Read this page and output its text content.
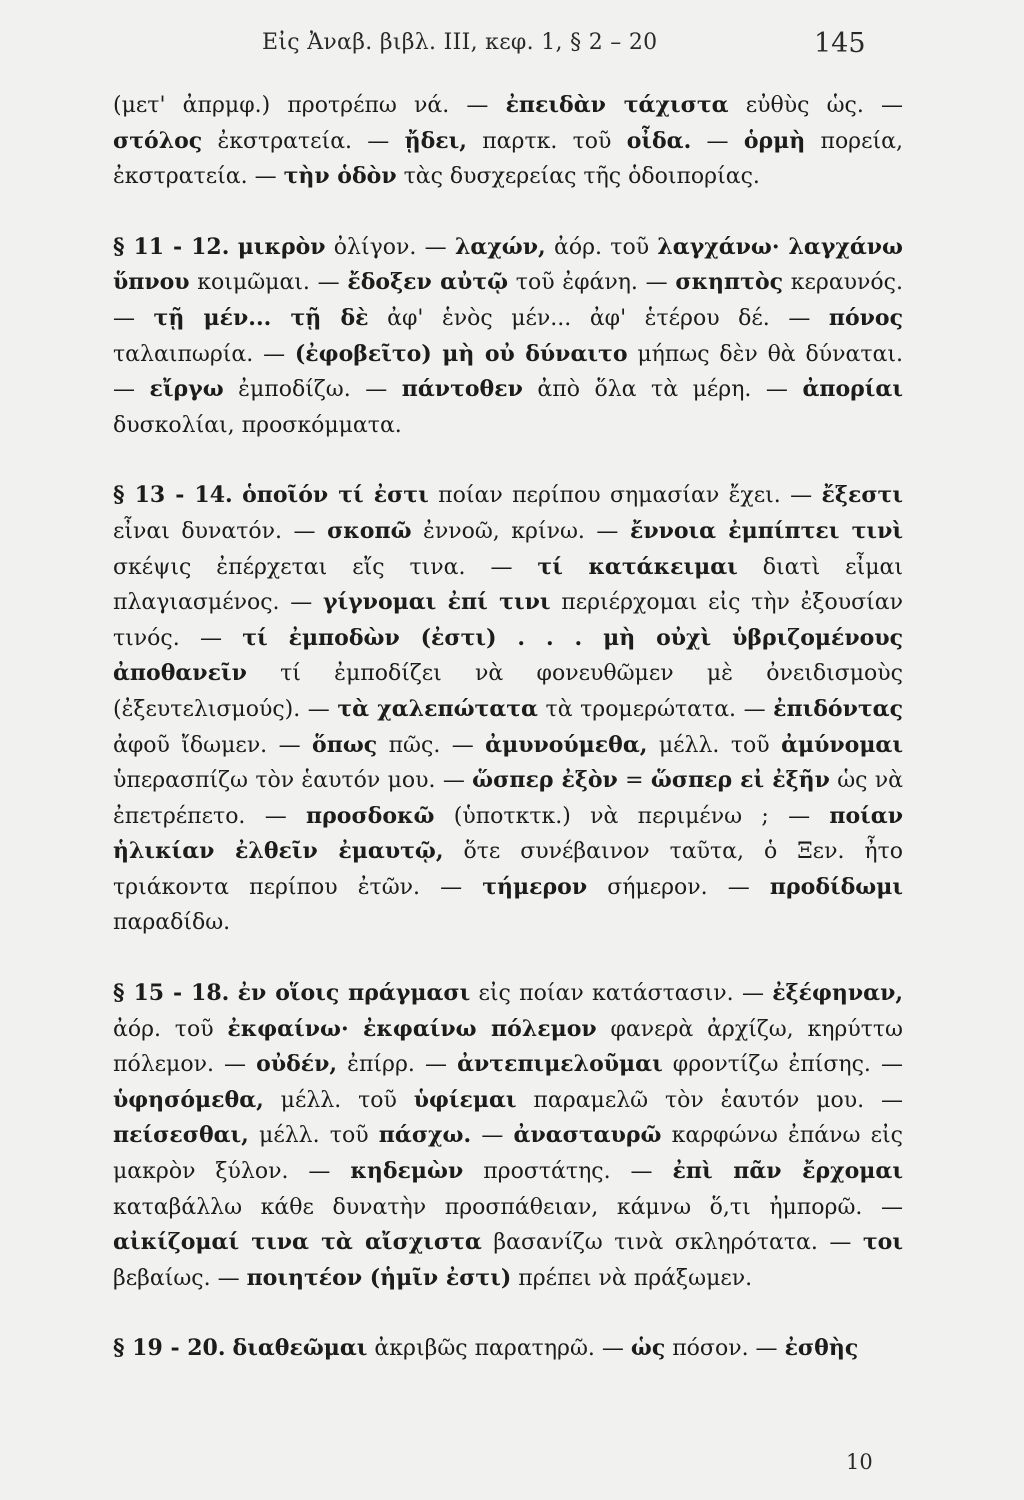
Εἰς Ἀναβ. βιβλ. ΙΙΙ, κεφ. 1, § 2 – 20	145

(μετ' ἀπρμφ.) προτρέπω νά. — ἐπειδὰν τάχιστα εὐθὺς ὡς. — στόλος ἐκστρατεία. — ᾔδει, παρτκ. τοῦ οἶδα. — ὁρμὴ πορεία, ἐκστρατεία. — τὴν ὁδὸν τὰς δυσχερείας τῆς ὁδοιπορίας.

§ 11 - 12. μικρὸν ὀλίγον. — λαχών, ἀόρ. τοῦ λαγχάνω· λαγχάνω ὕπνου κοιμῶμαι. — ἔδοξεν αὐτῷ τοῦ ἐφάνη. — σκηπτὸς κεραυνός. — τῇ μέν... τῇ δὲ ἀφ' ἑνὸς μέν... ἀφ' ἑτέρου δέ. — πόνος ταλαιπωρία. — (ἐφοβεῖτο) μὴ οὐ δύναιτο μήπως δὲν θὰ δύναται. — εἴργω ἐμποδίζω. — πάντοθεν ἀπὸ ὅλα τὰ μέρη. — ἀπορίαι δυσκολίαι, προσκόμματα.

§ 13 - 14. ὁποῖόν τί ἐστι ποίαν περίπου σημασίαν ἔχει. — ἔξεστι εἶναι δυνατόν. — σκοπῶ ἐννοῶ, κρίνω. — ἔννοια ἐμπίπτει τινὶ σκέψις ἐπέρχεται εἴς τινα. — τί κατάκειμαι διατὶ εἶμαι πλαγιασμένος. — γίγνομαι ἐπί τινι περιέρχομαι εἰς τὴν ἐξουσίαν τινός. — τί ἐμποδὼν (ἐστι) . . . μὴ οὐχὶ ὑβριζομένους ἀποθανεῖν τί ἐμποδίζει νὰ φονευθῶμεν μὲ ὀνειδισμοὺς (ἐξευτελισμούς). — τὰ χαλεπώτατα τὰ τρομερώτατα. — ἐπιδόντας ἀφοῦ ἴδωμεν. — ὅπως πῶς. — ἀμυνούμεθα, μέλλ. τοῦ ἀμύνομαι ὑπερασπίζω τὸν ἑαυτόν μου. — ὥσπερ ἐξὸν = ὥσπερ εἰ ἐξῆν ὡς νὰ ἐπετρέπετο. — προσδοκῶ (ὑποτκτκ.) νὰ περιμένω ; — ποίαν ἡλικίαν ἐλθεῖν ἐμαυτῷ, ὅτε συνέβαινον ταῦτα, ὁ Ξεν. ἦτο τριάκοντα περίπου ἐτῶν. — τήμερον σήμερον. — προδίδωμι παραδίδω.

§ 15 - 18. ἐν οἵοις πράγμασι εἰς ποίαν κατάστασιν. — ἐξέφηναν, ἀόρ. τοῦ ἐκφαίνω· ἐκφαίνω πόλεμον φανερὰ ἀρχίζω, κηρύττω πόλεμον. — οὐδέν, ἐπίρρ. — ἀντεπιμελοῦμαι φροντίζω ἐπίσης. — ὑφησόμεθα, μέλλ. τοῦ ὑφίεμαι παραμελῶ τὸν ἑαυτόν μου. — πείσεσθαι, μέλλ. τοῦ πάσχω. — ἀνασταυρῶ καρφώνω ἐπάνω εἰς μακρὸν ξύλον. — κηδεμὼν προστάτης. — ἐπὶ πᾶν ἔρχομαι καταβάλλω κάθε δυνατὴν προσπάθειαν, κάμνω ὅ,τι ἠμπορῶ. — αἰκίζομαί τινα τὰ αἴσχιστα βασανίζω τινὰ σκληρότατα. — τοι βεβαίως. — ποιητέον (ἡμῖν ἐστι) πρέπει νὰ πράξωμεν.

§ 19 - 20. διαθεῶμαι ἀκριβῶς παρατηρῶ. — ὡς πόσον. — ἐσθὴς

10
